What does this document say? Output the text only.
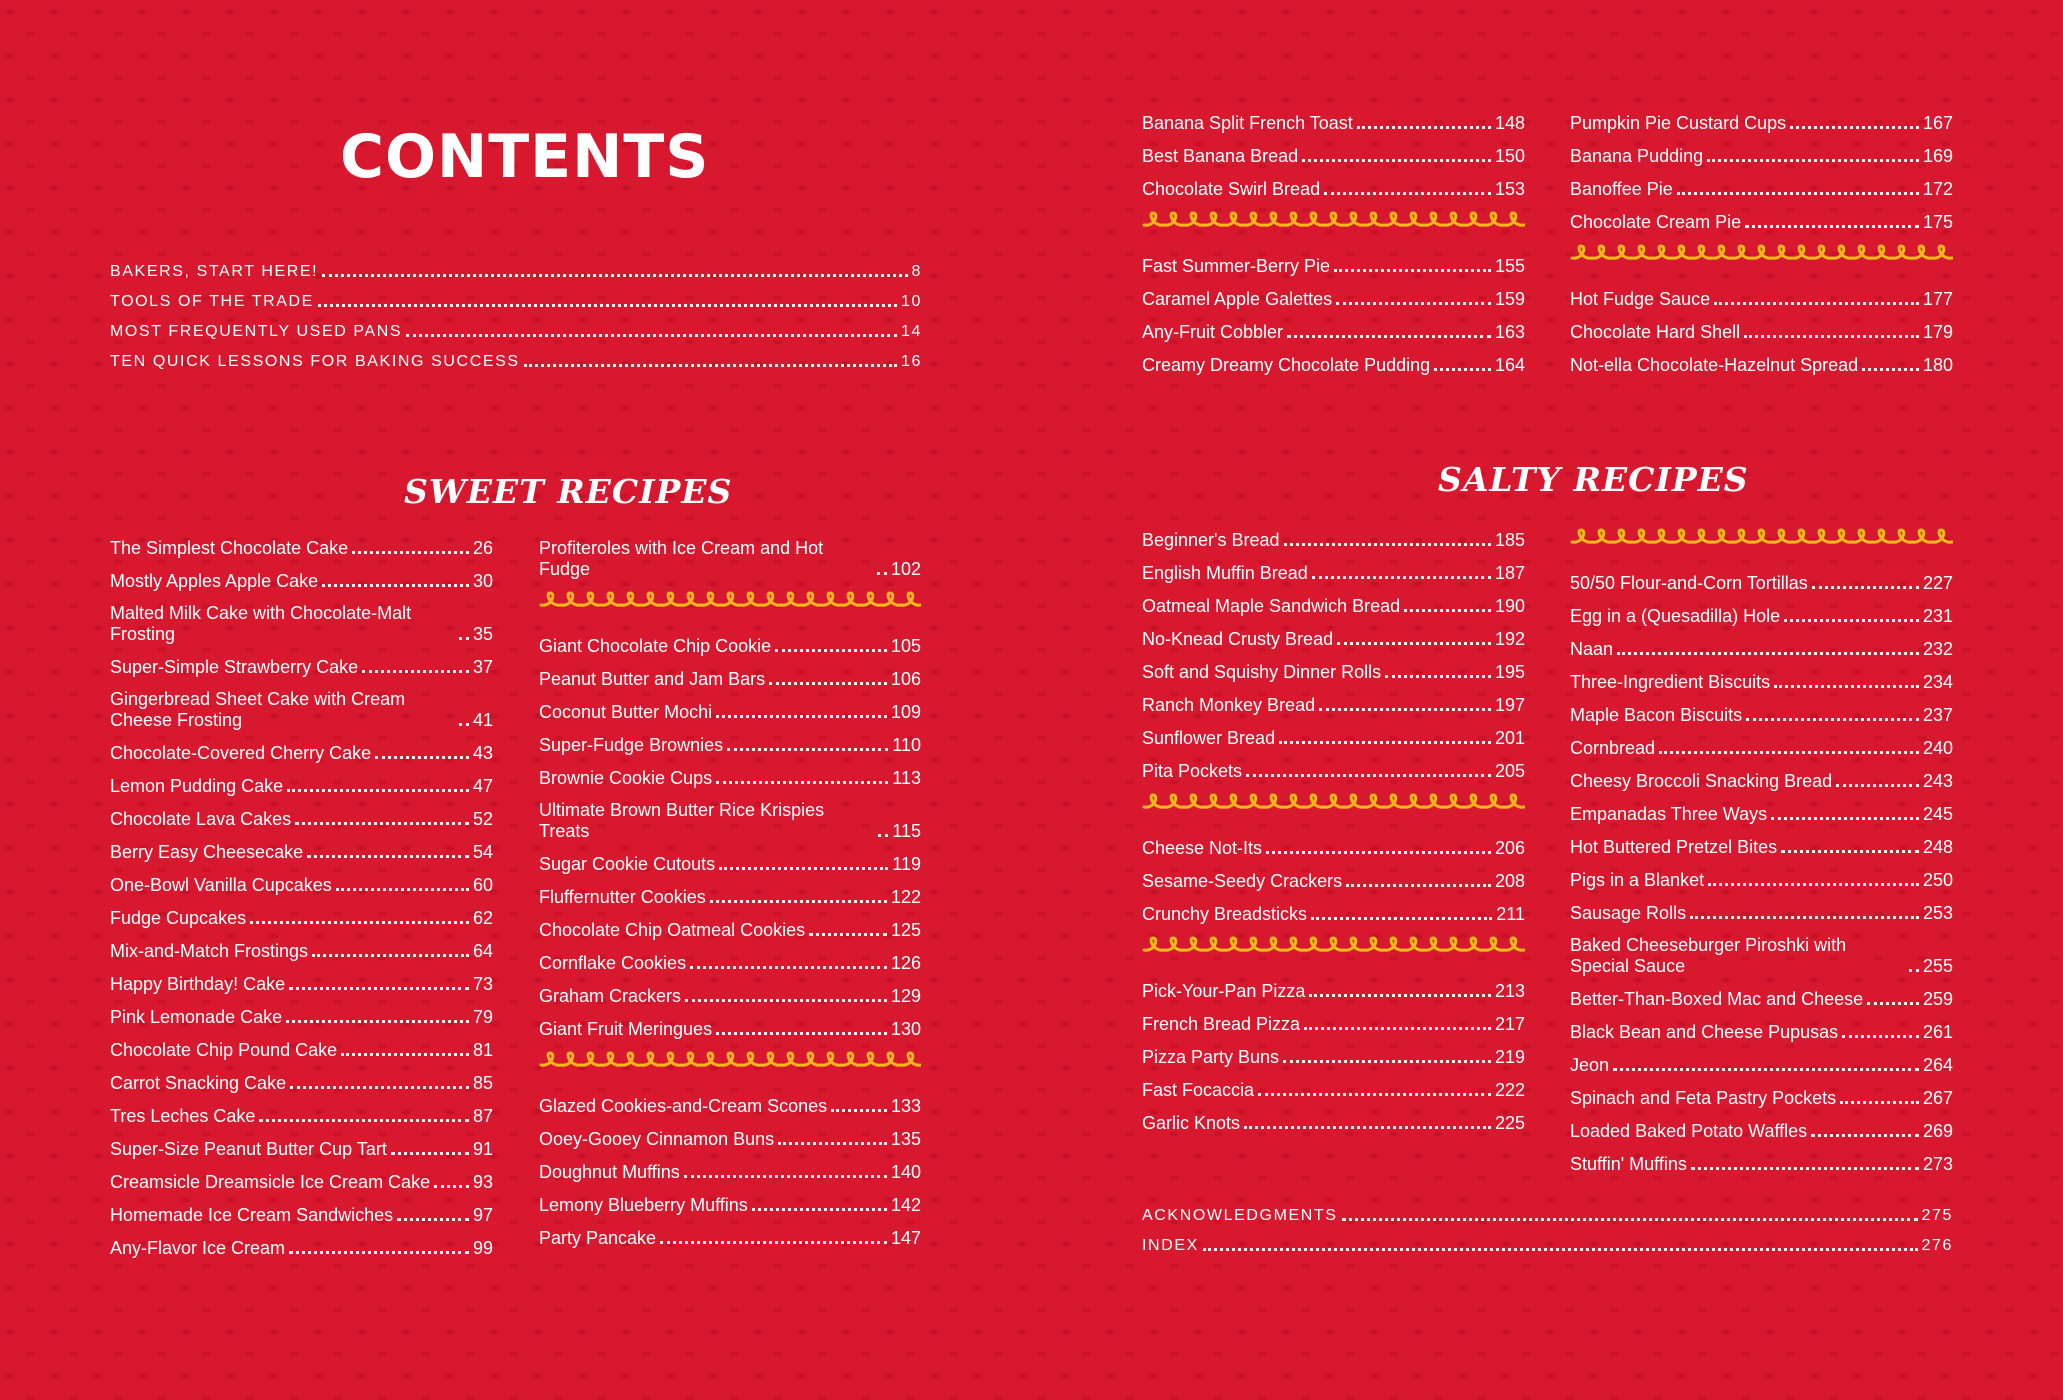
CONTENTS
BAKERS, START HERE!	8
TOOLS OF THE TRADE	10
MOST FREQUENTLY USED PANS	14
TEN QUICK LESSONS FOR BAKING SUCCESS	16
SWEET RECIPES	SALTY RECIPES
The Simplest Chocolate Cake	26
Mostly Apples Apple Cake	30
Malted Milk Cake with Chocolate-Malt Frosting	35
Super-Simple Strawberry Cake	37
Gingerbread Sheet Cake with Cream Cheese Frosting	41
Chocolate-Covered Cherry Cake	43
Lemon Pudding Cake	47
Chocolate Lava Cakes	52
Berry Easy Cheesecake	54
One-Bowl Vanilla Cupcakes	60
Fudge Cupcakes	62
Mix-and-Match Frostings	64
Happy Birthday! Cake	73
Pink Lemonade Cake	79
Chocolate Chip Pound Cake	81
Carrot Snacking Cake	85
Tres Leches Cake	87
Super-Size Peanut Butter Cup Tart	91
Creamsicle Dreamsicle Ice Cream Cake 93
Homemade Ice Cream Sandwiches	97
Any-Flavor Ice Cream	99
Profiteroles with Ice Cream and Hot Fudge	102
Giant Chocolate Chip Cookie	105
Peanut Butter and Jam Bars	106
Coconut Butter Mochi	109
Super-Fudge Brownies	110
Brownie Cookie Cups	113
Ultimate Brown Butter Rice Krispies Treats	115
Sugar Cookie Cutouts	119
Fluffernutter Cookies	122
Chocolate Chip Oatmeal Cookies	125
Cornflake Cookies	126
Graham Crackers	129
Giant Fruit Meringues	130
Glazed Cookies-and-Cream Scones	133
Ooey-Gooey Cinnamon Buns	135
Doughnut Muffins	140
Lemony Blueberry Muffins	142
Party Pancake	147
Banana Split French Toast	148
Best Banana Bread	150
Chocolate Swirl Bread	153
Fast Summer-Berry Pie	155
Caramel Apple Galettes	159
Any-Fruit Cobbler	163
Creamy Dreamy Chocolate Pudding	164
Pumpkin Pie Custard Cups	167
Banana Pudding	169
Banoffee Pie	172
Chocolate Cream Pie	175
Hot Fudge Sauce	177
Chocolate Hard Shell	179
Not-ella Chocolate-Hazelnut Spread	180
Beginner's Bread	185
English Muffin Bread	187
Oatmeal Maple Sandwich Bread	190
No-Knead Crusty Bread	192
Soft and Squishy Dinner Rolls	195
Ranch Monkey Bread	197
Sunflower Bread	201
Pita Pockets	205
Cheese Not-Its	206
Sesame-Seedy Crackers	208
Crunchy Breadsticks	211
Pick-Your-Pan Pizza	213
French Bread Pizza	217
Pizza Party Buns	219
Fast Focaccia	222
Garlic Knots	225
50/50 Flour-and-Corn Tortillas	227
Egg in a (Quesadilla) Hole	231
Naan	232
Three-Ingredient Biscuits	234
Maple Bacon Biscuits	237
Cornbread	240
Cheesy Broccoli Snacking Bread	243
Empanadas Three Ways	245
Hot Buttered Pretzel Bites	248
Pigs in a Blanket	250
Sausage Rolls	253
Baked Cheeseburger Piroshki with Special Sauce	255
Better-Than-Boxed Mac and Cheese	259
Black Bean and Cheese Pupusas	261
Jeon	264
Spinach and Feta Pastry Pockets	267
Loaded Baked Potato Waffles	269
Stuffin' Muffins	273
ACKNOWLEDGMENTS	275
INDEX	276
